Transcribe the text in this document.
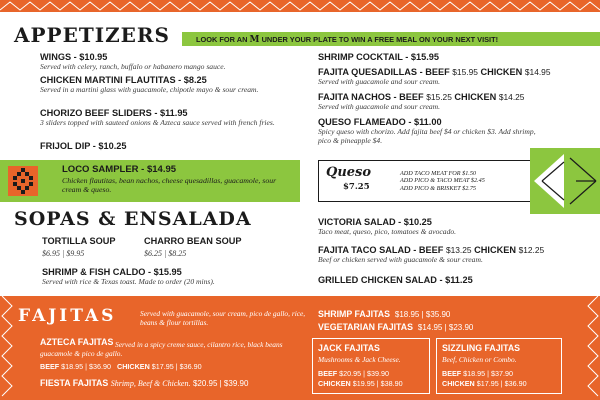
APPETIZERS	LOOK FOR AN M UNDER YOUR PLATE TO WIN A FREE MEAL ON YOUR NEXT VISIT!
WINGS - $10.95
Served with celery, ranch, buffalo or habanero mango sauce.
CHICKEN MARTINI FLAUTITAS - $8.25
Served in a martini glass with guacamole, chipotle mayo & sour cream.
CHORIZO BEEF SLIDERS - $11.95
3 sliders topped with sauteed onions & Azteca sauce served with french fries.
FRIJOL DIP - $10.25
LOCO SAMPLER - $14.95
Chicken flautitas, bean nachos, cheese quesadillas, guacamole, sour cream & queso.
SHRIMP COCKTAIL - $15.95
FAJITA QUESADILLAS - BEEF $15.95 CHICKEN $14.95
Served with guacamole and sour cream.
FAJITA NACHOS - BEEF $15.25 CHICKEN $14.25
Served with guacamole and sour cream.
QUESO FLAMEADO - $11.00
Spicy queso with chorizo. Add fajita beef $4 or chicken $3. Add shrimp, pico & pineapple $4.
Queso
$7.25
ADD TACO MEAT FOR $1.50
ADD PICO & TACO MEAT $2.45
ADD PICO & BRISKET $2.75
SOPAS & ENSALADA
TORTILLA SOUP
$6.95 | $9.95
CHARRO BEAN SOUP
$6.25 | $8.25
SHRIMP & FISH CALDO - $15.95
Served with rice & Texas toast. Made to order (20 mins).
VICTORIA SALAD - $10.25
Taco meat, queso, pico, tomatoes & avocado.
FAJITA TACO SALAD - BEEF $13.25 CHICKEN $12.25
Beef or chicken served with guacamole & sour cream.
GRILLED CHICKEN SALAD - $11.25
FAJITAS	Served with guacamole, sour cream, pico de gallo, rice, beans & flour tortillas.
AZTECA FAJITAS Served in a spicy creme sauce, cilantro rice, black beans guacamole & pico de gallo.
BEEF $18.95 | $36.90 CHICKEN $17.95 | $36.90
FIESTA FAJITAS Shrimp, Beef & Chicken. $20.95 | $39.90
SHRIMP FAJITAS $18.95 | $35.90
VEGETARIAN FAJITAS $14.95 | $23.90
JACK FAJITAS
Mushrooms & Jack Cheese.
BEEF $20.95 | $39.90
CHICKEN $19.95 | $38.90
SIZZLING FAJITAS
Beef, Chicken or Combo.
BEEF $18.95 | $37.90
CHICKEN $17.95 | $36.90
